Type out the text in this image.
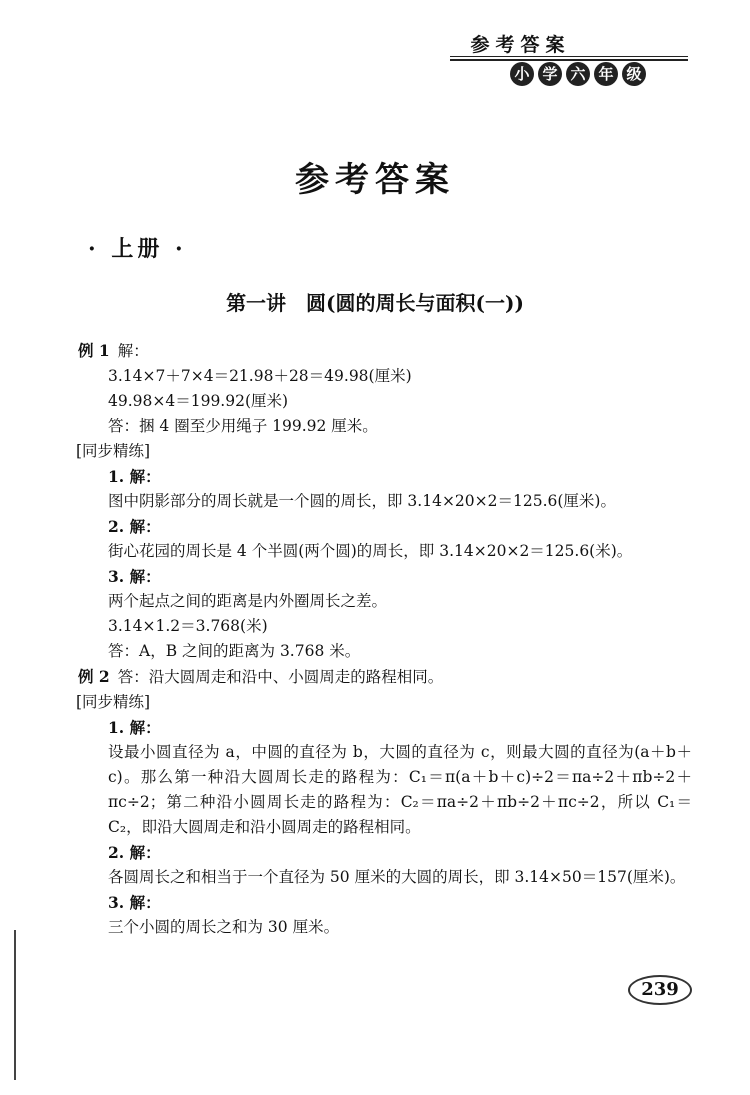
参考答案
小 学 六 年 级
参考答案
· 上册 ·
第一讲　圆(圆的周长与面积(一))
例 1 解：
3.14×7＋7×4＝21.98＋28＝49.98(厘米)
49.98×4＝199.92(厘米)
答：捆 4 圈至少用绳子 199.92 厘米。
[同步精练]
1. 解：
图中阴影部分的周长就是一个圆的周长，即 3.14×20×2＝125.6(厘米)。
2. 解：
街心花园的周长是 4 个半圆(两个圆)的周长，即 3.14×20×2＝125.6(米)。
3. 解：
两个起点之间的距离是内外圈周长之差。
3.14×1.2＝3.768(米)
答：A，B 之间的距离为 3.768 米。
例 2 答：沿大圆周走和沿中、小圆周走的路程相同。
[同步精练]
1. 解：
设最小圆直径为 a，中圆的直径为 b，大圆的直径为 c，则最大圆的直径为(a＋b＋c)。那么第一种沿大圆周长走的路程为：C₁＝π(a＋b＋c)÷2＝πa÷2＋πb÷2＋πc÷2；第二种沿小圆周长走的路程为：C₂＝πa÷2＋πb÷2＋πc÷2，所以 C₁＝C₂，即沿大圆周走和沿小圆周走的路程相同。
2. 解：
各圆周长之和相当于一个直径为 50 厘米的大圆的周长，即 3.14×50＝157(厘米)。
3. 解：
三个小圆的周长之和为 30 厘米。
239
